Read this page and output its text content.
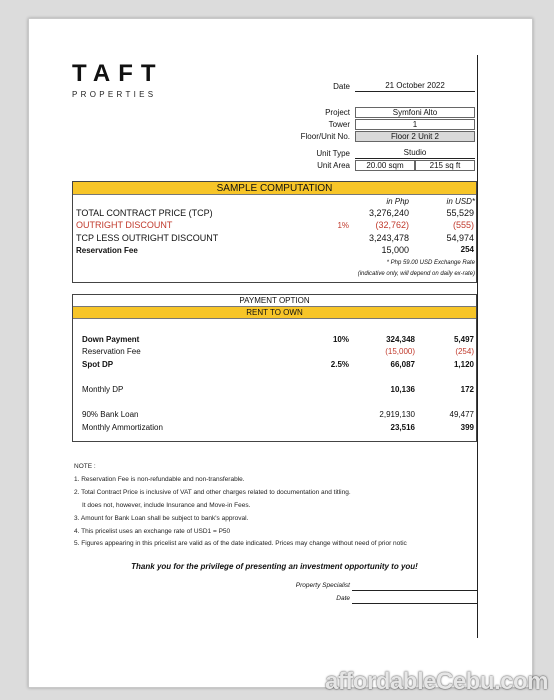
TAFT
PROPERTIES
Date	21 October 2022
Project	Symfoni Alto
Tower	1
Floor/Unit No.	Floor 2 Unit 2
Unit Type	Studio
Unit Area	20.00 sqm	215 sq ft
SAMPLE COMPUTATION
in Php	in USD*
TOTAL CONTRACT PRICE (TCP)	3,276,240	55,529
OUTRIGHT DISCOUNT	1%	(32,762)	(555)
TCP LESS OUTRIGHT DISCOUNT	3,243,478	54,974
Reservation Fee	15,000	254
* Php 59.00 USD Exchange Rate
(indicative only, will depend on daily ex-rate)
PAYMENT OPTION
RENT TO OWN
Down Payment	10%	324,348	5,497
Reservation Fee	(15,000)	(254)
Spot DP	2.5%	66,087	1,120
Monthly DP	10,136	172
90% Bank Loan	2,919,130	49,477
Monthly Ammortization	23,516	399
NOTE :
1. Reservation Fee is non-refundable and non-transferable.
2. Total Contract Price is inclusive of VAT and other charges related to documentation and titling.
It does not, however, include Insurance and Move-in Fees.
3. Amount for Bank Loan shall be subject to bank's approval.
4. This pricelist uses an exchange rate of USD1 = P50
5. Figures appearing in this pricelist are valid as of the date indicated. Prices may change without need of prior notic
Thank you for the privilege of presenting an investment opportunity to you!
Property Specialist
Date
affordableCebu.com
